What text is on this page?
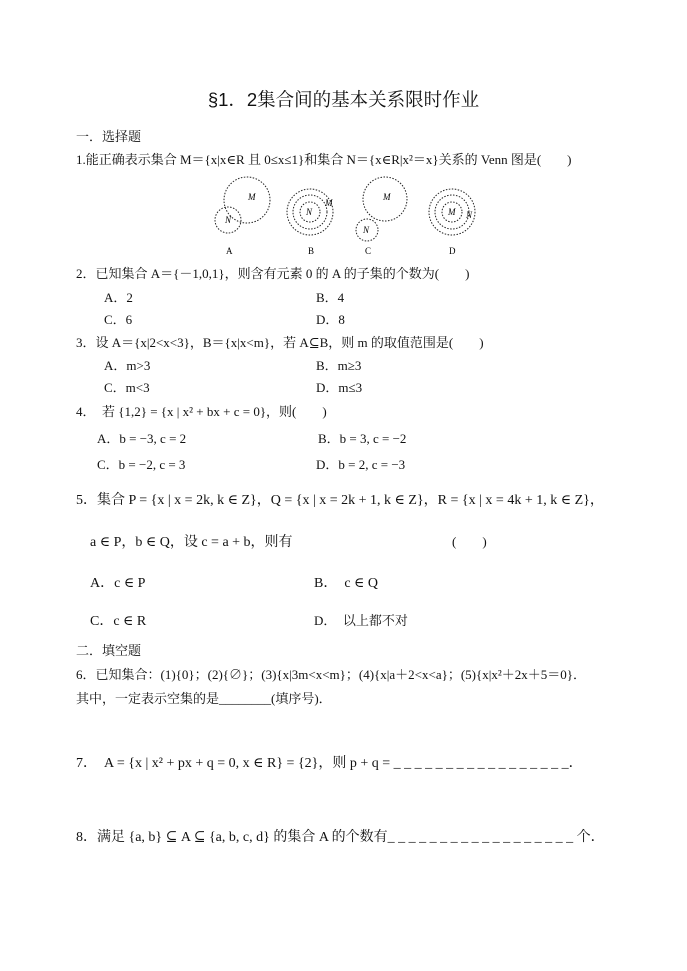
§1．2集合间的基本关系限时作业
一．选择题
1.能正确表示集合 M＝{x|x∈R 且 0≤x≤1}和集合 N＝{x∈R|x²＝x}关系的 Venn 图是(　　)
M
N
A
M
N
B
M
N
C
M N
D
2．已知集合 A＝{－1,0,1}，则含有元素 0 的 A 的子集的个数为(　　)
A．2	B．4
C．6	D．8
3．设 A＝{x|2<x<3}，B＝{x|x<m}，若 A⊆B，则 m 的取值范围是(　　)
A．m>3	B．m≥3
C．m<3	D．m≤3
4．　若 {1,2} = {x | x² + bx + c = 0}，则(　　)
A．b = −3, c = 2	B．b = 3, c = −2
C．b = −2, c = 3	D．b = 2, c = −3
5．集合 P = {x | x = 2k, k ∈ Z}，Q = {x | x = 2k + 1, k ∈ Z}，R = {x | x = 4k + 1, k ∈ Z}，
a ∈ P，b ∈ Q，设 c = a + b，则有	(　　)
A．c ∈ P	B．　c ∈ Q
C．c ∈ R	D．　以上都不对
二．填空题
6．已知集合：(1){0}；(2){∅}；(3){x|3m<x<m}；(4){x|a＋2<x<a}；(5){x|x²＋2x＋5＝0}．
其中，一定表示空集的是________(填序号)．
7．　A = {x | x² + px + q = 0, x ∈ R} = {2}，则 p + q = _ _ _ _ _ _ _ _ _ _ _ _ _ _ _ _ _．
8．满足 {a, b} ⊆ A ⊆ {a, b, c, d} 的集合 A 的个数有_ _ _ _ _ _ _ _ _ _ _ _ _ _ _ _ _ _ 个．
